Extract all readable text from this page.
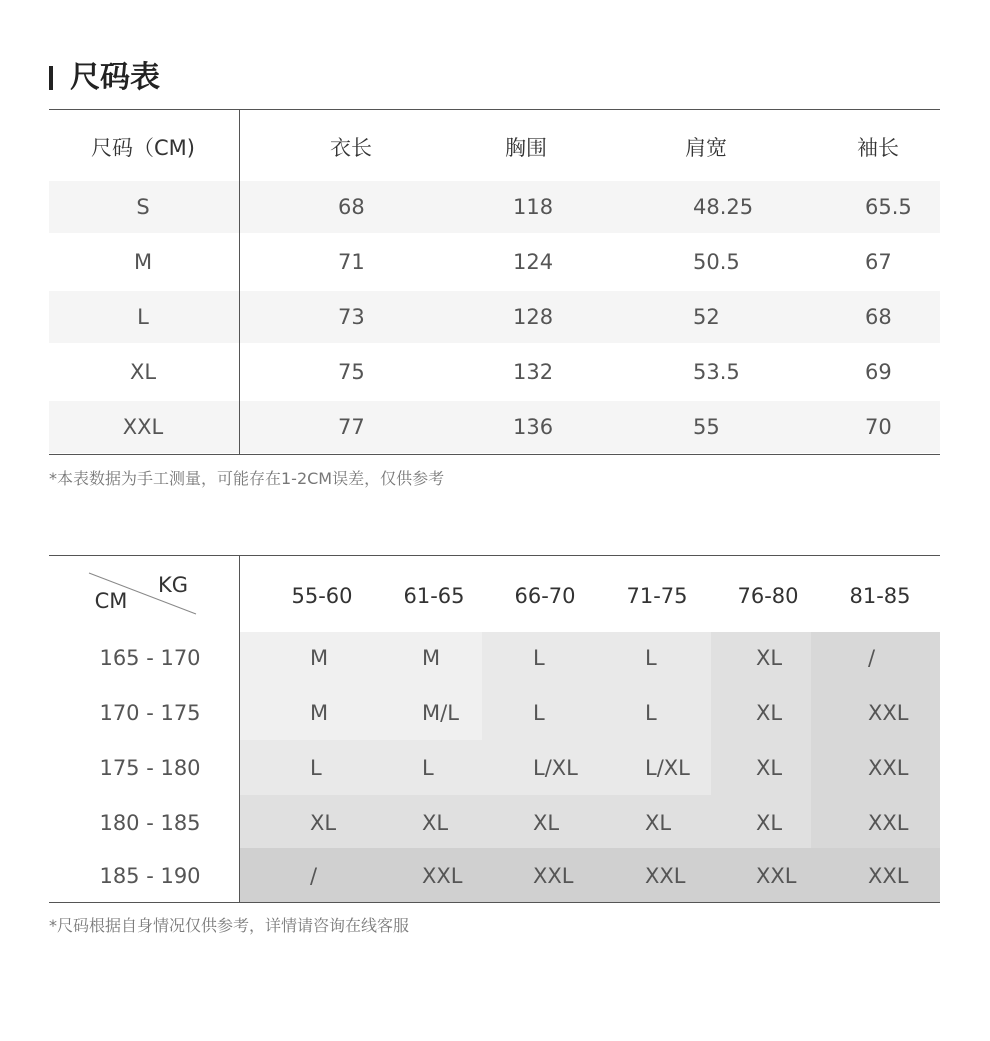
尺码表
尺码（CM)	衣长	胸围	肩宽	袖长
S	68	118	48.25	65.5
M	71	124	50.5	67
L	73	128	52	68
XL	75	132	53.5	69
XXL	77	136	55	70
*本表数据为手工测量，可能存在1-2CM误差，仅供参考
KG
CM	55-60	61-65	66-70	71-75	76-80	81-85
165 - 170	M	M	L	L	XL	/
170 - 175	M	M/L	L	L	XL	XXL
175 - 180	L	L	L/XL	L/XL	XL	XXL
180 - 185	XL	XL	XL	XL	XL	XXL
185 - 190	/	XXL	XXL	XXL	XXL	XXL
*尺码根据自身情况仅供参考，详情请咨询在线客服
